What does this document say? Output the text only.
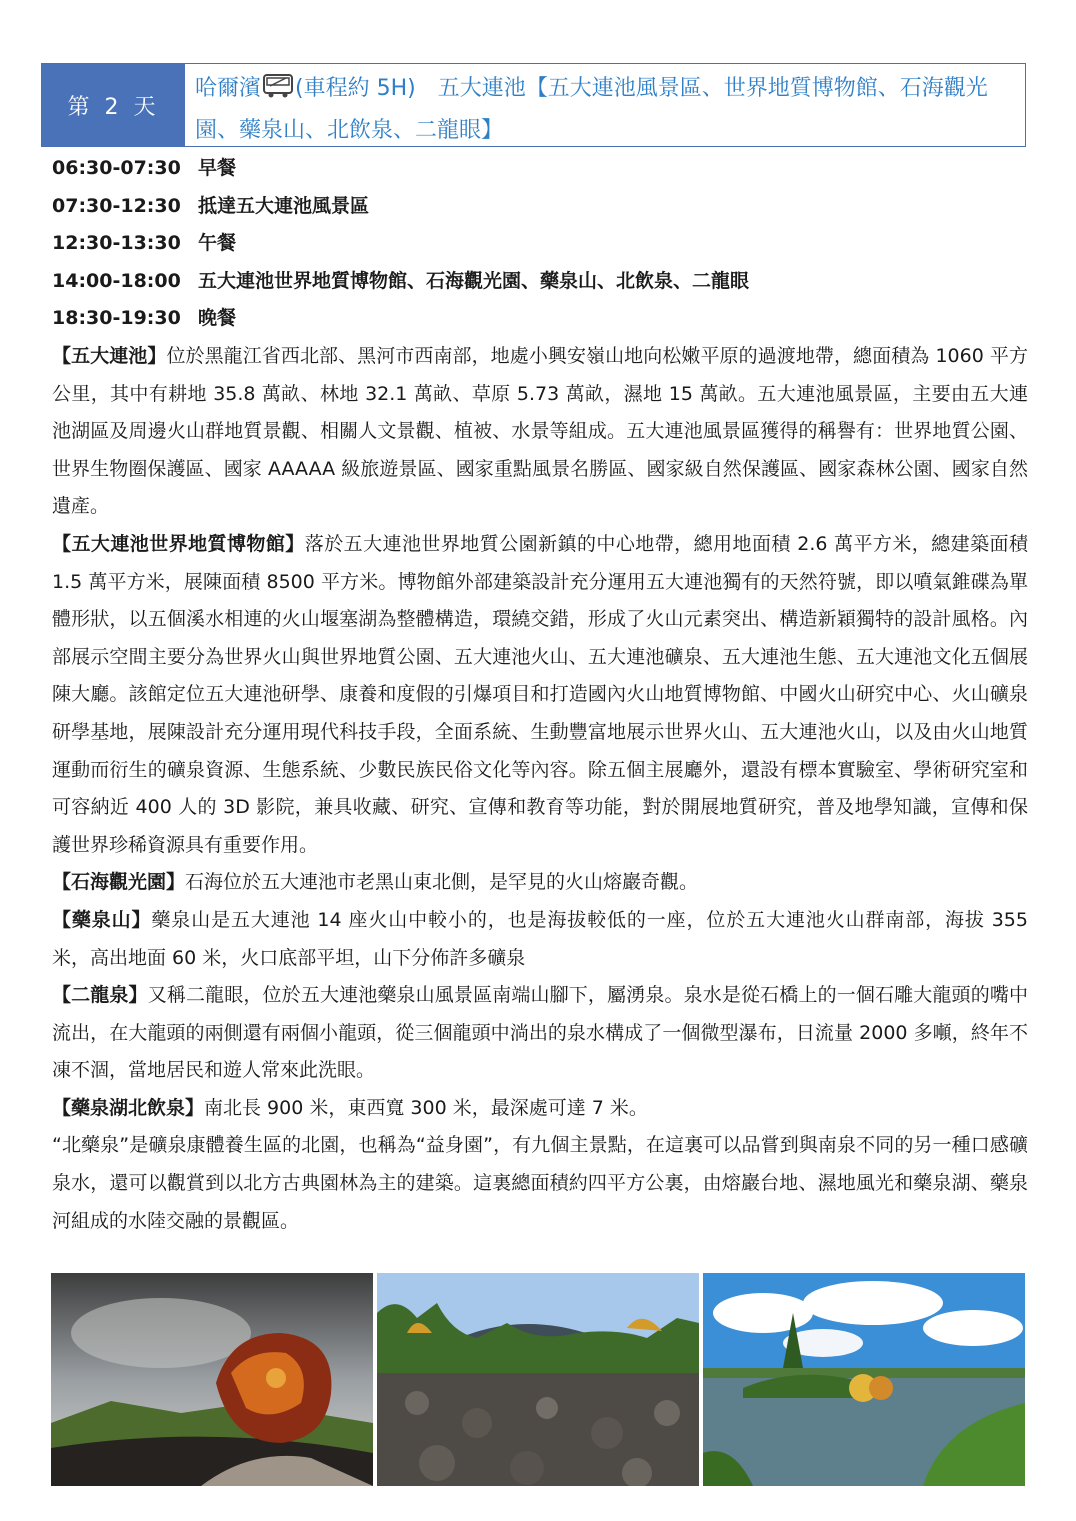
第 2 天
哈爾濱 (車程約 5H)　五大連池【五大連池風景區、世界地質博物館、石海觀光園、藥泉山、北飲泉、二龍眼】
06:30-07:30 早餐
07:30-12:30 抵達五大連池風景區
12:30-13:30 午餐
14:00-18:00 五大連池世界地質博物館、石海觀光園、藥泉山、北飲泉、二龍眼
18:30-19:30 晚餐

【五大連池】位於黑龍江省西北部、黑河市西南部，地處小興安嶺山地向松嫩平原的過渡地帶，總面積為 1060 平方公里，其中有耕地 35.8 萬畝、林地 32.1 萬畝、草原 5.73 萬畝，濕地 15 萬畝。五大連池風景區，主要由五大連池湖區及周邊火山群地質景觀、相關人文景觀、植被、水景等組成。五大連池風景區獲得的稱譽有：世界地質公園、世界生物圈保護區、國家 AAAAA 級旅遊景區、國家重點風景名勝區、國家級自然保護區、國家森林公園、國家自然遺產。

【五大連池世界地質博物館】落於五大連池世界地質公園新鎮的中心地帶，總用地面積 2.6 萬平方米，總建築面積 1.5 萬平方米，展陳面積 8500 平方米。博物館外部建築設計充分運用五大連池獨有的天然符號，即以噴氣錐碟為單體形狀，以五個溪水相連的火山堰塞湖為整體構造，環繞交錯，形成了火山元素突出、構造新穎獨特的設計風格。內部展示空間主要分為世界火山與世界地質公園、五大連池火山、五大連池礦泉、五大連池生態、五大連池文化五個展陳大廳。該館定位五大連池研學、康養和度假的引爆項目和打造國內火山地質博物館、中國火山研究中心、火山礦泉研學基地，展陳設計充分運用現代科技手段，全面系統、生動豐富地展示世界火山、五大連池火山，以及由火山地質運動而衍生的礦泉資源、生態系統、少數民族民俗文化等內容。除五個主展廳外，還設有標本實驗室、學術研究室和可容納近 400 人的 3D 影院，兼具收藏、研究、宣傳和教育等功能，對於開展地質研究，普及地學知識，宣傳和保護世界珍稀資源具有重要作用。

【石海觀光園】石海位於五大連池市老黑山東北側，是罕見的火山熔巖奇觀。

【藥泉山】藥泉山是五大連池 14 座火山中較小的，也是海拔較低的一座，位於五大連池火山群南部，海拔 355 米，高出地面 60 米，火口底部平坦，山下分佈許多礦泉

【二龍泉】又稱二龍眼，位於五大連池藥泉山風景區南端山腳下，屬湧泉。泉水是從石橋上的一個石雕大龍頭的嘴中流出，在大龍頭的兩側還有兩個小龍頭，從三個龍頭中淌出的泉水構成了一個微型瀑布，日流量 2000 多噸，終年不凍不涸，當地居民和遊人常來此洗眼。

【藥泉湖北飲泉】南北長 900 米，東西寬 300 米，最深處可達 7 米。

“北藥泉”是礦泉康體養生區的北園，也稱為“益身園”，有九個主景點，在這裏可以品嘗到與南泉不同的另一種口感礦泉水，還可以觀賞到以北方古典園林為主的建築。這裏總面積約四平方公裏，由熔巖台地、濕地風光和藥泉湖、藥泉河組成的水陸交融的景觀區。
